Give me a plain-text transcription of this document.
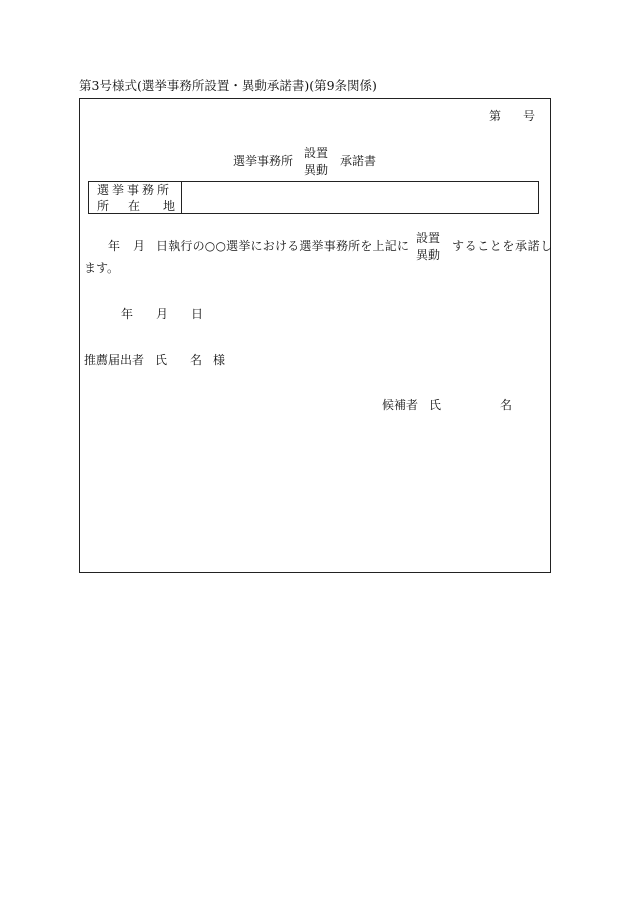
第3号様式(選挙事務所設置・異動承諾書)(第9条関係)
第 号
選挙事務所
設置
異動
承諾書
選挙事務所
所 在 地
年 月 日執行の○○選挙における選挙事務所を上記に
設置
異動
することを承諾し
ます。
年 月 日
推薦届出者 氏 名 様
候補者 氏	名
